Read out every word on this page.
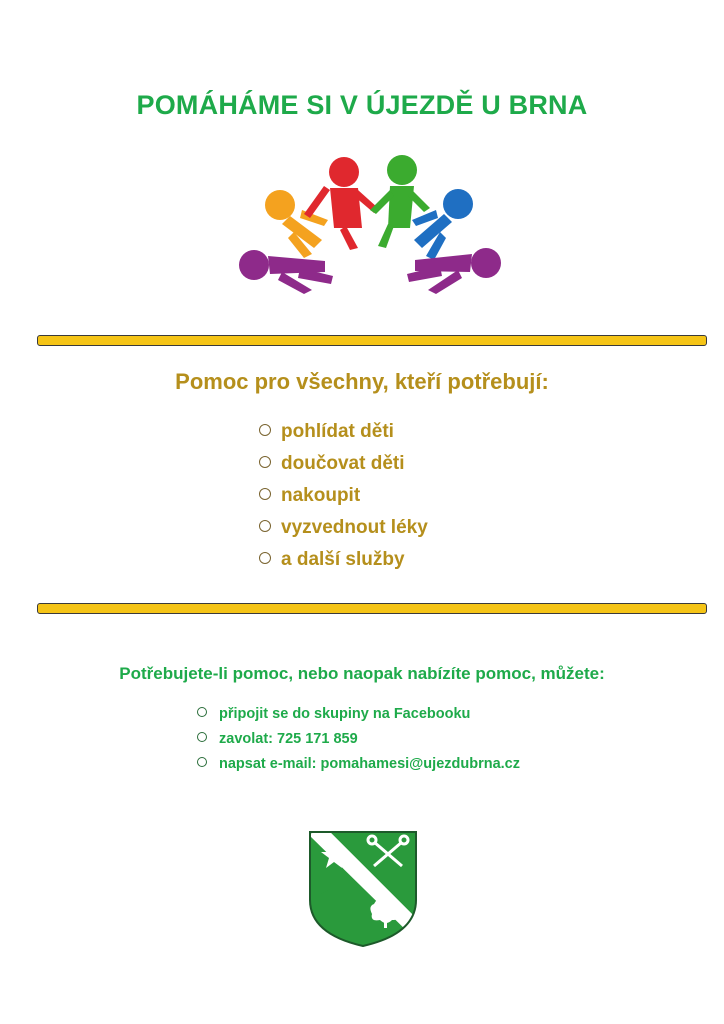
POMÁHÁME SI V ÚJEZDĚ U BRNA
Pomoc pro všechny, kteří potřebují:
pohlídat děti
doučovat děti
nakoupit
vyzvednout léky
a další služby
Potřebujete-li pomoc, nebo naopak nabízíte pomoc, můžete:
připojit se do skupiny na Facebooku
zavolat: 725 171 859
napsat e-mail: pomahamesi@ujezdubrna.cz
